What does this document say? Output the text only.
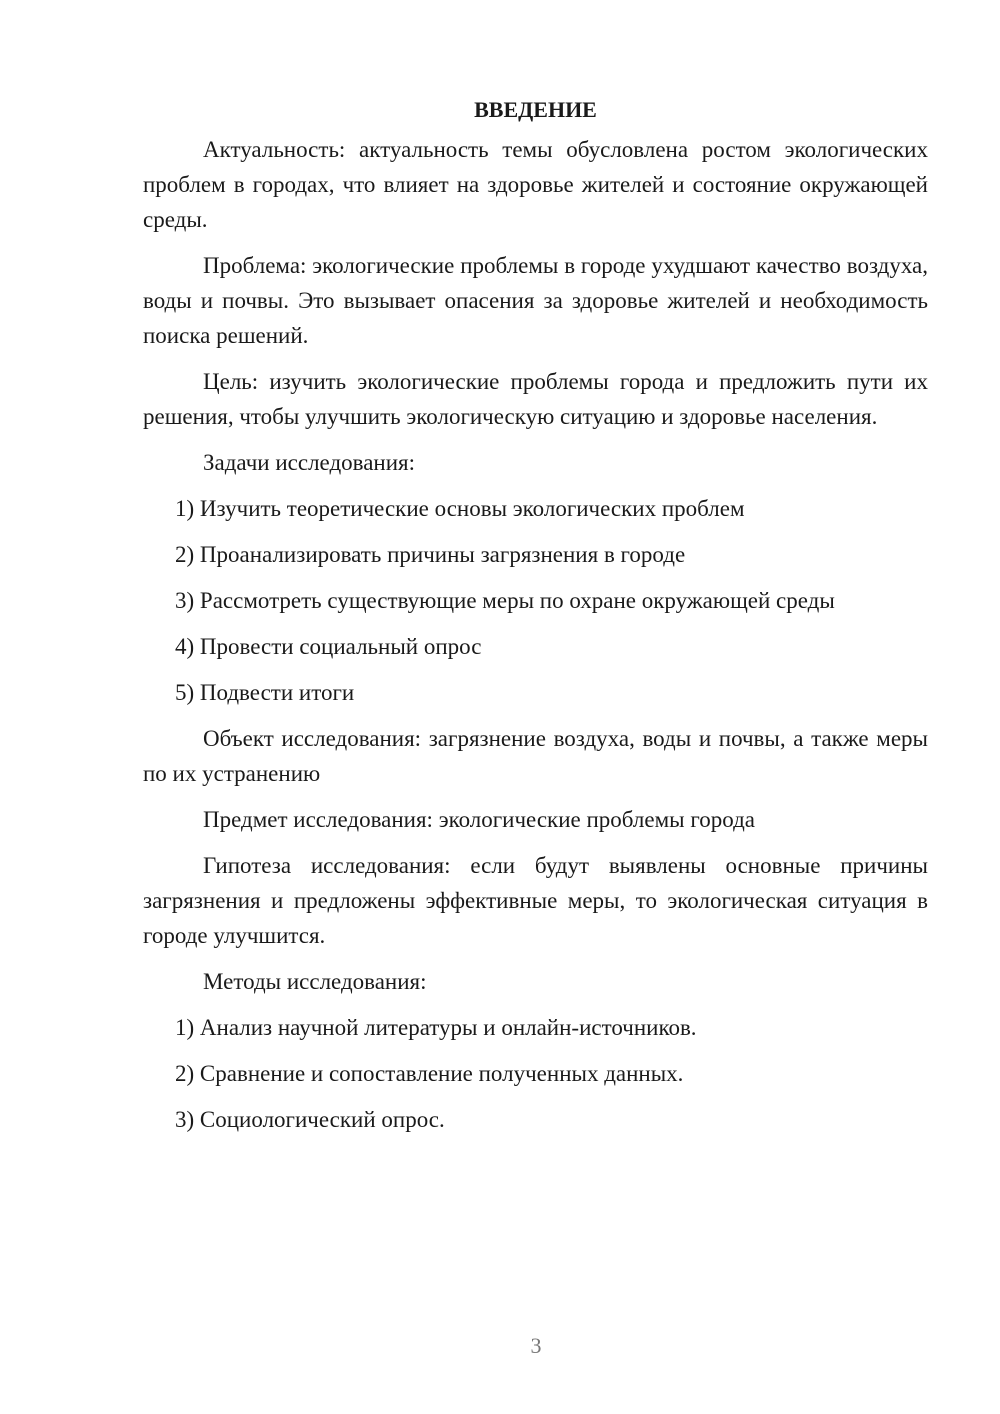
ВВЕДЕНИЕ

Актуальность: актуальность темы обусловлена ростом экологических проблем в городах, что влияет на здоровье жителей и состояние окружающей среды.

Проблема: экологические проблемы в городе ухудшают качество воздуха, воды и почвы. Это вызывает опасения за здоровье жителей и необходимость поиска решений.

Цель: изучить экологические проблемы города и предложить пути их решения, чтобы улучшить экологическую ситуацию и здоровье населения.

Задачи исследования:

1) Изучить теоретические основы экологических проблем
2) Проанализировать причины загрязнения в городе
3) Рассмотреть существующие меры по охране окружающей среды
4) Провести социальный опрос
5) Подвести итоги

Объект исследования: загрязнение воздуха, воды и почвы, а также меры по их устранению

Предмет исследования: экологические проблемы города

Гипотеза исследования: если будут выявлены основные причины загрязнения и предложены эффективные меры, то экологическая ситуация в городе улучшится.

Методы исследования:

1) Анализ научной литературы и онлайн-источников.
2) Сравнение и сопоставление полученных данных.
3) Социологический опрос.
3
